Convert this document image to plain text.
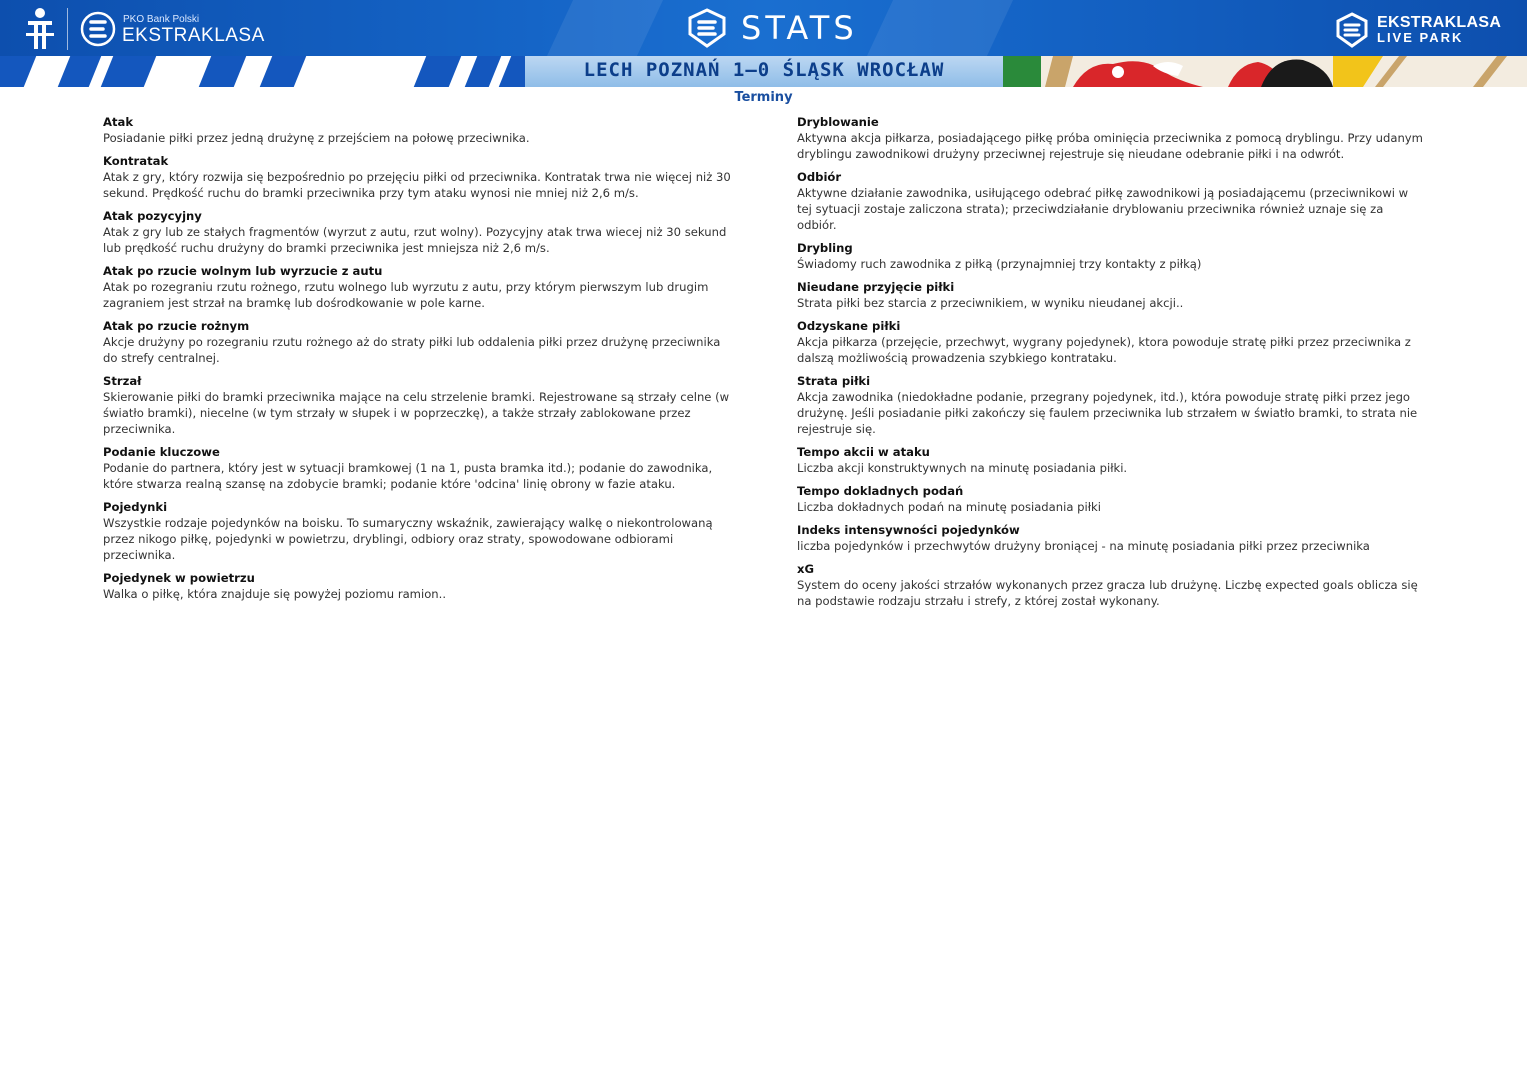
PKO Bank Polski
EKSTRAKLASA	STATS	EKSTRAKLASA
LIVE PARK
LECH POZNAŃ 1–0 ŚLĄSK WROCŁAW
Terminy
Atak
Posiadanie piłki przez jedną drużynę z przejściem na połowę przeciwnika.
Kontratak
Atak z gry, który rozwija się bezpośrednio po przejęciu piłki od przeciwnika. Kontratak trwa nie więcej niż 30 sekund. Prędkość ruchu do bramki przeciwnika przy tym ataku wynosi nie mniej niż 2,6 m/s.
Atak pozycyjny
Atak z gry lub ze stałych fragmentów (wyrzut z autu, rzut wolny). Pozycyjny atak trwa wiecej niż 30 sekund lub prędkość ruchu drużyny do bramki przeciwnika jest mniejsza niż 2,6 m/s.
Atak po rzucie wolnym lub wyrzucie z autu
Atak po rozegraniu rzutu rożnego, rzutu wolnego lub wyrzutu z autu, przy którym pierwszym lub drugim zagraniem jest strzał na bramkę lub dośrodkowanie w pole karne.
Atak po rzucie rożnym
Akcje drużyny po rozegraniu rzutu rożnego aż do straty piłki lub oddalenia piłki przez drużynę przeciwnika do strefy centralnej.
Strzał
Skierowanie piłki do bramki przeciwnika mające na celu strzelenie bramki. Rejestrowane są strzały celne (w światło bramki), niecelne (w tym strzały w słupek i w poprzeczkę), a także strzały zablokowane przez przeciwnika.
Podanie kluczowe
Podanie do partnera, który jest w sytuacji bramkowej (1 na 1, pusta bramka itd.); podanie do zawodnika, które stwarza realną szansę na zdobycie bramki; podanie które 'odcina' linię obrony w fazie ataku.
Pojedynki
Wszystkie rodzaje pojedynków na boisku. To sumaryczny wskaźnik, zawierający walkę o niekontrolowaną przez nikogo piłkę, pojedynki w powietrzu, dryblingi, odbiory oraz straty, spowodowane odbiorami przeciwnika.
Pojedynek w powietrzu
Walka o piłkę, która znajduje się powyżej poziomu ramion..
Dryblowanie
Aktywna akcja piłkarza, posiadającego piłkę próba ominięcia przeciwnika z pomocą dryblingu. Przy udanym dryblingu zawodnikowi drużyny przeciwnej rejestruje się nieudane odebranie piłki i na odwrót.
Odbiór
Aktywne działanie zawodnika, usiłującego odebrać piłkę zawodnikowi ją posiadającemu (przeciwnikowi w tej sytuacji zostaje zaliczona strata); przeciwdziałanie dryblowaniu przeciwnika również uznaje się za odbiór.
Drybling
Świadomy ruch zawodnika z piłką (przynajmniej trzy kontakty z piłką)
Nieudane przyjęcie piłki
Strata piłki bez starcia z przeciwnikiem, w wyniku nieudanej akcji..
Odzyskane piłki
Akcja piłkarza (przejęcie, przechwyt, wygrany pojedynek), ktora powoduje stratę piłki przez przeciwnika z dalszą możliwością prowadzenia szybkiego kontrataku.
Strata piłki
Akcja zawodnika (niedokładne podanie, przegrany pojedynek, itd.), która powoduje stratę piłki przez jego drużynę. Jeśli posiadanie piłki zakończy się faulem przeciwnika lub strzałem w światło bramki, to strata nie rejestruje się.
Tempo akcii w ataku
Liczba akcji konstruktywnych na minutę posiadania piłki.
Tempo dokladnych podań
Liczba dokładnych podań na minutę posiadania piłki
Indeks intensywności pojedynków
liczba pojedynków i przechwytów drużyny broniącej - na minutę posiadania piłki przez przeciwnika
xG
System do oceny jakości strzałów wykonanych przez gracza lub drużynę. Liczbę expected goals oblicza się na podstawie rodzaju strzału i strefy, z której został wykonany.
